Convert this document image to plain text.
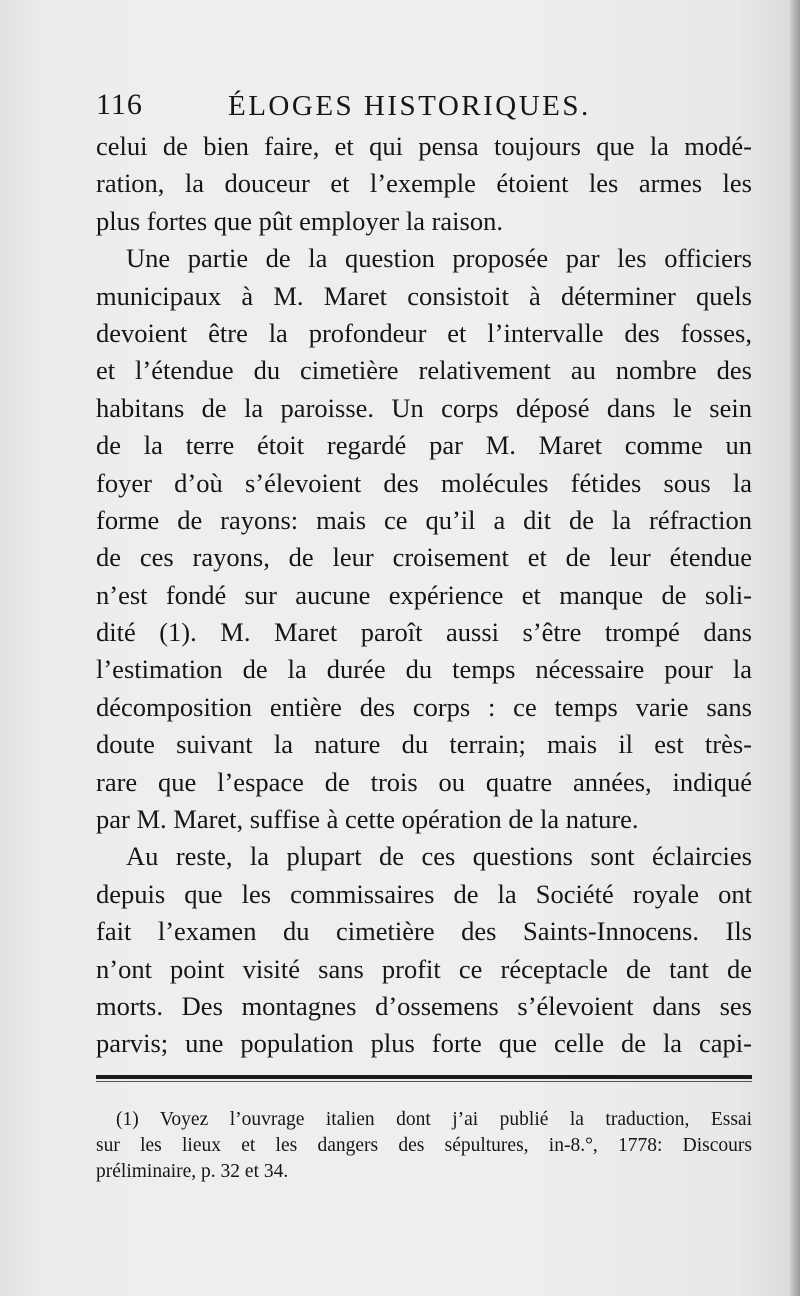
116	ÉLOGES HISTORIQUES.
celui de bien faire, et qui pensa toujours que la modé-
ration, la douceur et l’exemple étoient les armes les
plus fortes que pût employer la raison.
Une partie de la question proposée par les officiers
municipaux à M. Maret consistoit à déterminer quels
devoient être la profondeur et l’intervalle des fosses,
et l’étendue du cimetière relativement au nombre des
habitans de la paroisse. Un corps déposé dans le sein
de la terre étoit regardé par M. Maret comme un
foyer d’où s’élevoient des molécules fétides sous la
forme de rayons: mais ce qu’il a dit de la réfraction
de ces rayons, de leur croisement et de leur étendue
n’est fondé sur aucune expérience et manque de soli-
dité (1). M. Maret paroît aussi s’être trompé dans
l’estimation de la durée du temps nécessaire pour la
décomposition entière des corps : ce temps varie sans
doute suivant la nature du terrain; mais il est très-
rare que l’espace de trois ou quatre années, indiqué
par M. Maret, suffise à cette opération de la nature.
Au reste, la plupart de ces questions sont éclaircies
depuis que les commissaires de la Société royale ont
fait l’examen du cimetière des Saints-Innocens. Ils
n’ont point visité sans profit ce réceptacle de tant de
morts. Des montagnes d’ossemens s’élevoient dans ses
parvis; une population plus forte que celle de la capi-
(1) Voyez l’ouvrage italien dont j’ai publié la traduction, Essai
sur les lieux et les dangers des sépultures, in-8.°, 1778: Discours
préliminaire, p. 32 et 34.
